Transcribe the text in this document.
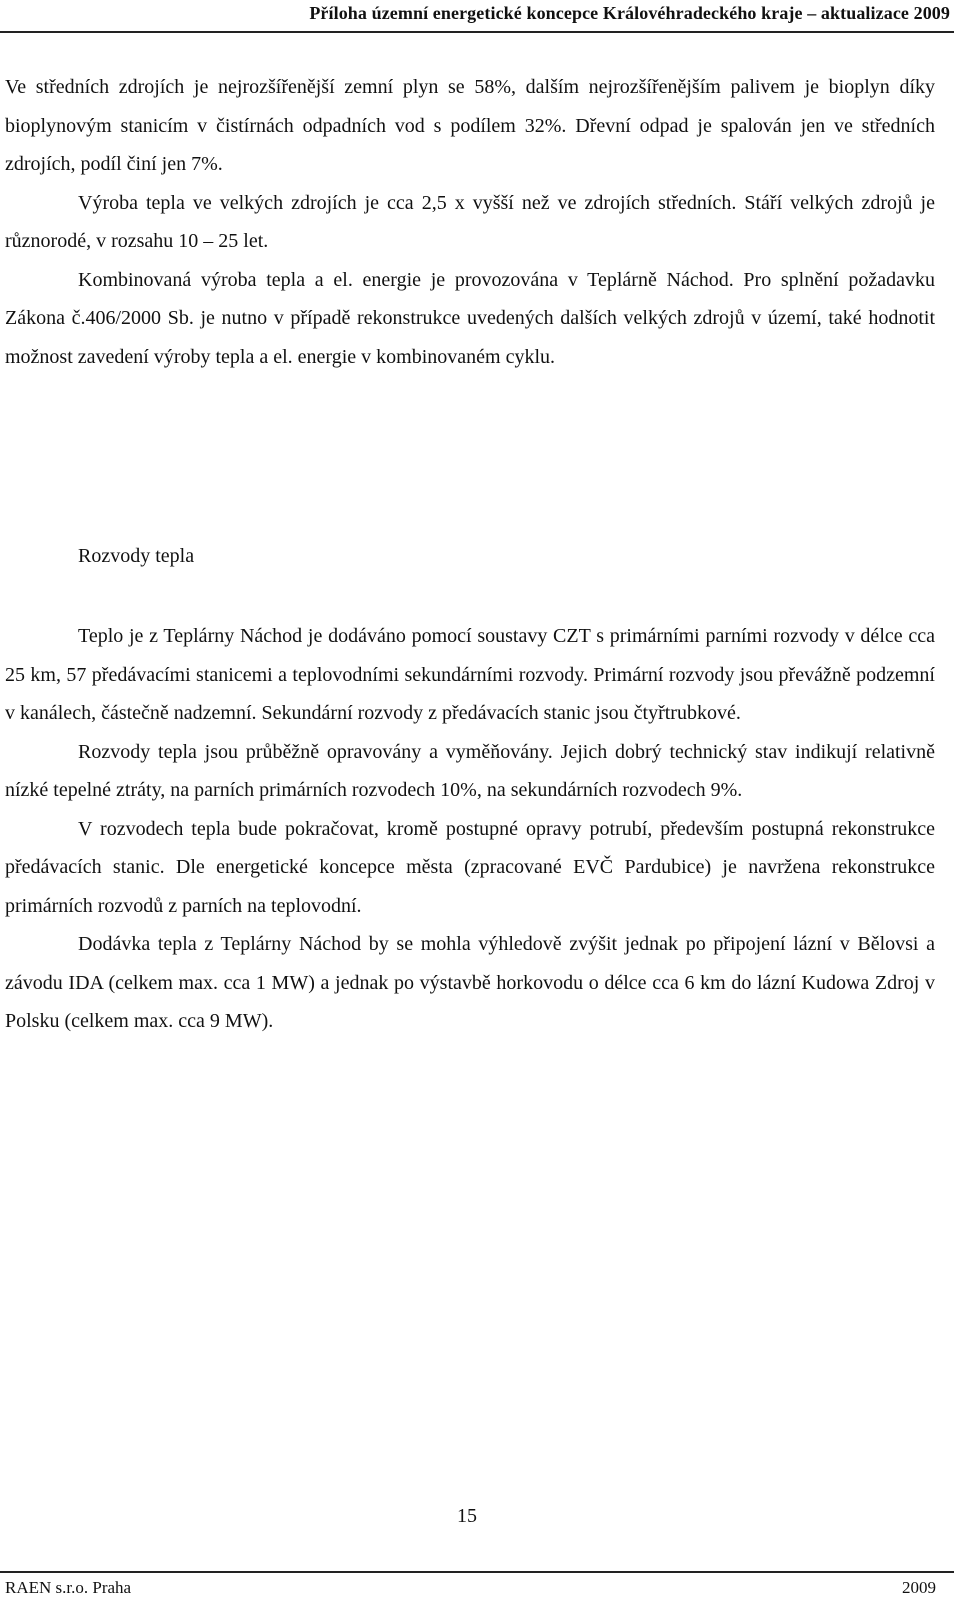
Příloha územní energetické koncepce Královéhradeckého kraje – aktualizace 2009

Ve středních zdrojích je nejrozšířenější zemní plyn se 58%, dalším nejrozšířenějším palivem je bioplyn díky bioplynovým stanicím v čistírnách odpadních vod s podílem 32%. Dřevní odpad je spalován jen ve středních zdrojích, podíl činí jen 7%.

Výroba tepla ve velkých zdrojích je cca 2,5 x vyšší než ve zdrojích středních. Stáří velkých zdrojů je různorodé, v rozsahu 10 – 25 let.

Kombinovaná výroba tepla a el. energie je provozována v Teplárně Náchod. Pro splnění požadavku Zákona č.406/2000 Sb. je nutno v případě rekonstrukce uvedených dalších velkých zdrojů v území, také hodnotit možnost zavedení výroby tepla a el. energie v kombinovaném cyklu.

Rozvody tepla

Teplo je z Teplárny Náchod je dodáváno pomocí soustavy CZT s primárními parními rozvody v délce cca 25 km, 57 předávacími stanicemi a teplovodními sekundárními rozvody. Primární rozvody jsou převážně podzemní v kanálech, částečně nadzemní. Sekundární rozvody z předávacích stanic jsou čtyřtrubkové.

Rozvody tepla jsou průběžně opravovány a vyměňovány. Jejich dobrý technický stav indikují relativně nízké tepelné ztráty, na parních primárních rozvodech 10%, na sekundárních rozvodech 9%.

V rozvodech tepla bude pokračovat, kromě postupné opravy potrubí, především postupná rekonstrukce předávacích stanic. Dle energetické koncepce města (zpracované EVČ Pardubice) je navržena rekonstrukce primárních rozvodů z parních na teplovodní.

Dodávka tepla z Teplárny Náchod by se mohla výhledově zvýšit jednak po připojení lázní v Bělovsi a závodu IDA (celkem max. cca 1 MW) a jednak po výstavbě horkovodu o délce cca 6 km do lázní Kudowa Zdroj v Polsku (celkem max. cca 9 MW).

15
RAEN s.r.o. Praha	2009
